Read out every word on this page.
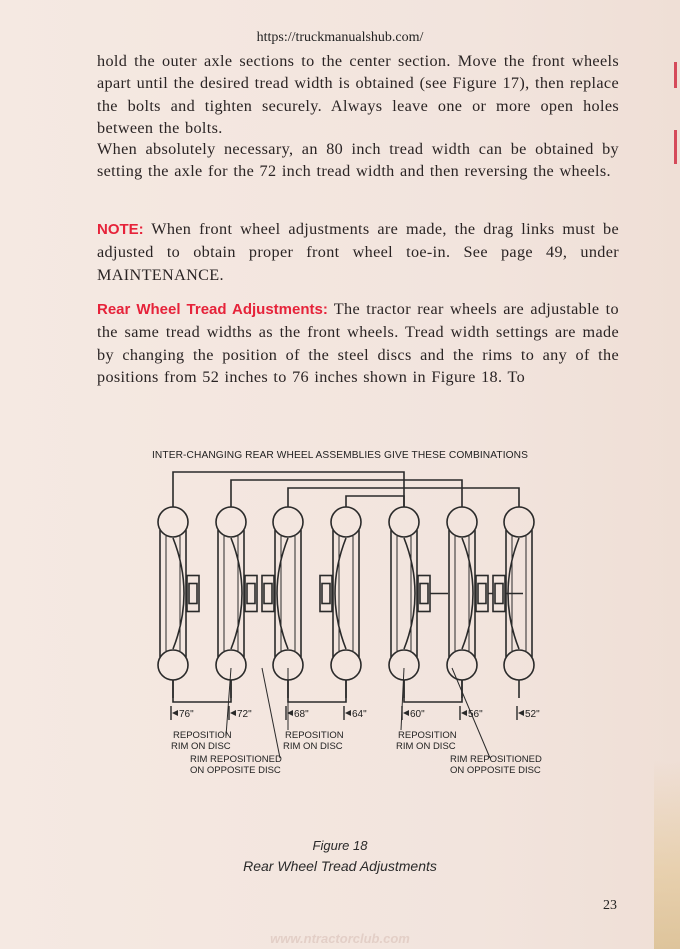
https://truckmanualshub.com/

hold the outer axle sections to the center section. Move the front wheels apart until the desired tread width is obtained (see Figure 17), then replace the bolts and tighten securely. Always leave one or more open holes between the bolts.

When absolutely necessary, an 80 inch tread width can be obtained by setting the axle for the 72 inch tread width and then reversing the wheels.

NOTE: When front wheel adjustments are made, the drag links must be adjusted to obtain proper front wheel toe-in. See page 49, under MAINTENANCE.

Rear Wheel Tread Adjustments: The tractor rear wheels are adjustable to the same tread widths as the front wheels. Tread width settings are made by changing the position of the steel discs and the rims to any of the positions from 52 inches to 76 inches shown in Figure 18. To

INTER-CHANGING REAR WHEEL ASSEMBLIES GIVE THESE COMBINATIONS
76"	72"	68"	64"	60"	56"	52"
REPOSITION
RIM ON DISC
REPOSITION
RIM ON DISC
REPOSITION
RIM ON DISC
RIM REPOSITIONED
ON OPPOSITE DISC
RIM REPOSITIONED
ON OPPOSITE DISC
Figure 18
Rear Wheel Tread Adjustments
23
www.ntractorclub.com
